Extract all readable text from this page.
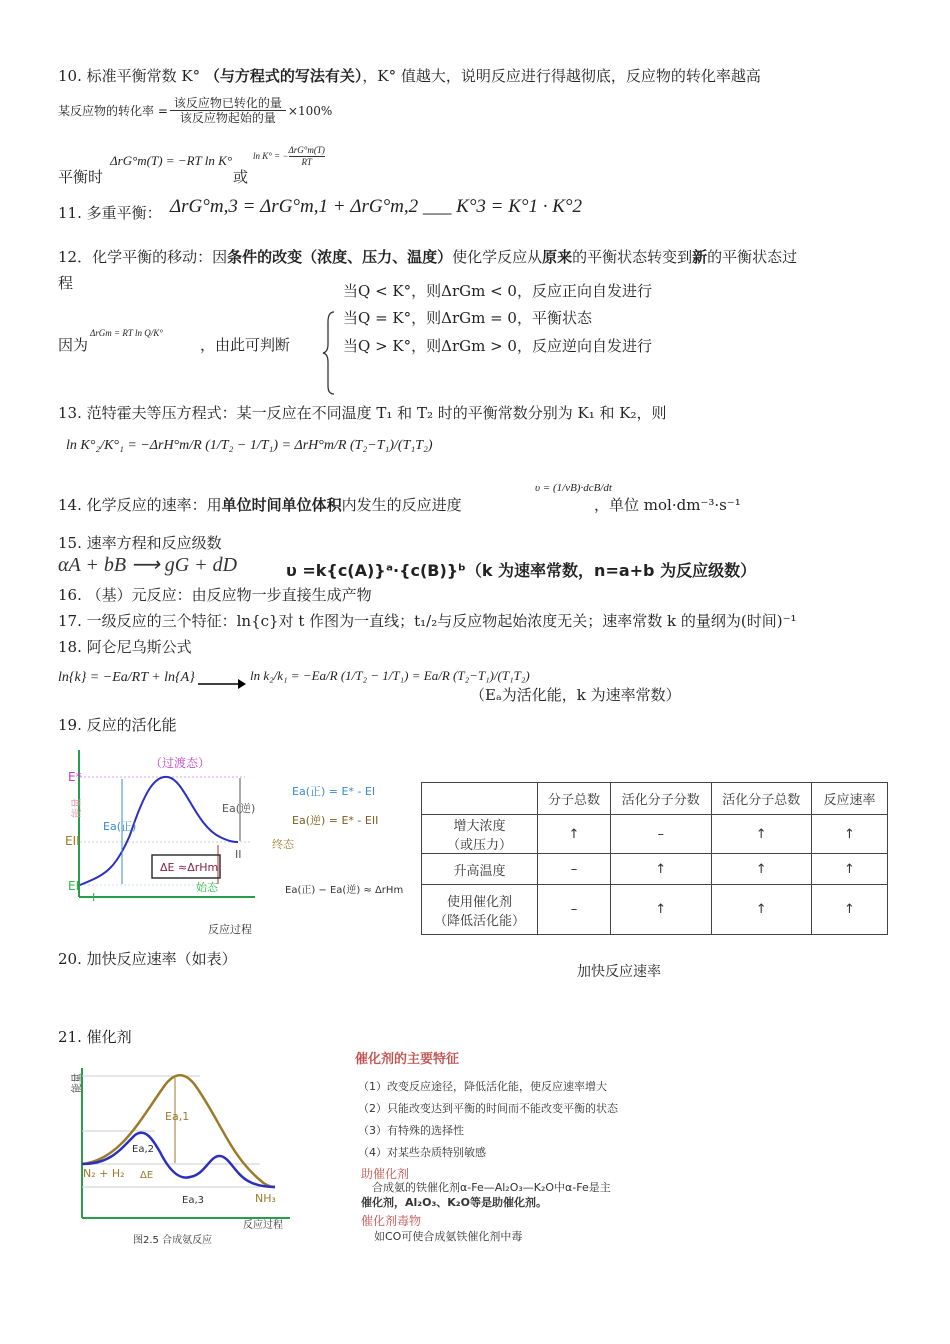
10. 标准平衡常数 K° （与方程式的写法有关），K° 值越大，说明反应进行得越彻底，反应物的转化率越高
某反应物的转化率 =
该反应物已转化的量
该反应物起始的量
×100%
平衡时
ΔrG°m(T) = −RT ln K°
或
ln K° = −
ΔrG°m(T)
RT
11. 多重平衡： ΔrG°m,3 = ΔrG°m,1 + ΔrG°m,2 ___ K°3 = K°1 · K°2
12．化学平衡的移动：因条件的改变（浓度、压力、温度）使化学反应从原来的平衡状态转变到新的平衡状态过
程
因为
ΔrGm = RT ln Q/K°
，由此可判断
当Q < K°，则ΔrGm < 0，反应正向自发进行
当Q = K°，则ΔrGm = 0，平衡状态
当Q > K°，则ΔrGm > 0，反应逆向自发进行
13. 范特霍夫等压方程式：某一反应在不同温度 T₁ 和 T₂ 时的平衡常数分别为 K₁ 和 K₂，则
ln K°₂/K°₁ = −ΔrH°m/R (1/T₂ − 1/T₁) = ΔrH°m/R (T₂−T₁)/(T₁T₂)
14. 化学反应的速率：用单位时间单位体积内发生的反应进度
υ = (1/νB)·dcB/dt
，单位 mol·dm⁻³·s⁻¹
15. 速率方程和反应级数
αA + bB ⟶ gG + dD	υ =k{c(A)}ᵃ·{c(B)}ᵇ（k 为速率常数，n=a+b 为反应级数）
16. （基）元反应：由反应物一步直接生成产物
17. 一级反应的三个特征：ln{c}对 t 作图为一直线；t₁/₂与反应物起始浓度无关；速率常数 k 的量纲为(时间)⁻¹
18. 阿仑尼乌斯公式
ln{k} = −Ea/RT + ln{A}	ln k₂/k₁ = −Ea/R (1/T₂ − 1/T₁) = Ea/R (T₂−T₁)/(T₁T₂)
（Eₐ为活化能，k 为速率常数）
19. 反应的活化能
（过渡态）
E*
EII
EI
I
II
Ea(正)
Ea(逆)
终态
始态
ΔE ≈ΔrHm
能量
反应过程
Ea(正) = E* - EI
Ea(逆) = E* - EII
Ea(正) − Ea(逆) ≈ ΔrHm
	分子总数	活化分子分数	活化分子总数	反应速率
增大浓度
（或压力）	↑	–	↑	↑
升高温度	–	↑	↑	↑
使用催化剂
（降低活化能）	–	↑	↑	↑
加快反应速率
20. 加快反应速率（如表）
21. 催化剂
Ea,1
Ea,2
Ea,3
ΔE
N₂ + H₂
NH₃
能量
反应过程
图2.5 合成氨反应
催化剂的主要特征
（1）改变反应途径，降低活化能，使反应速率增大
（2）只能改变达到平衡的时间而不能改变平衡的状态
（3）有特殊的选择性
（4）对某些杂质特别敏感
助催化剂
合成氨的铁催化剂α-Fe—Al₂O₃—K₂O中α-Fe是主
催化剂，Al₂O₃、K₂O等是助催化剂。
催化剂毒物
如CO可使合成氨铁催化剂中毒
